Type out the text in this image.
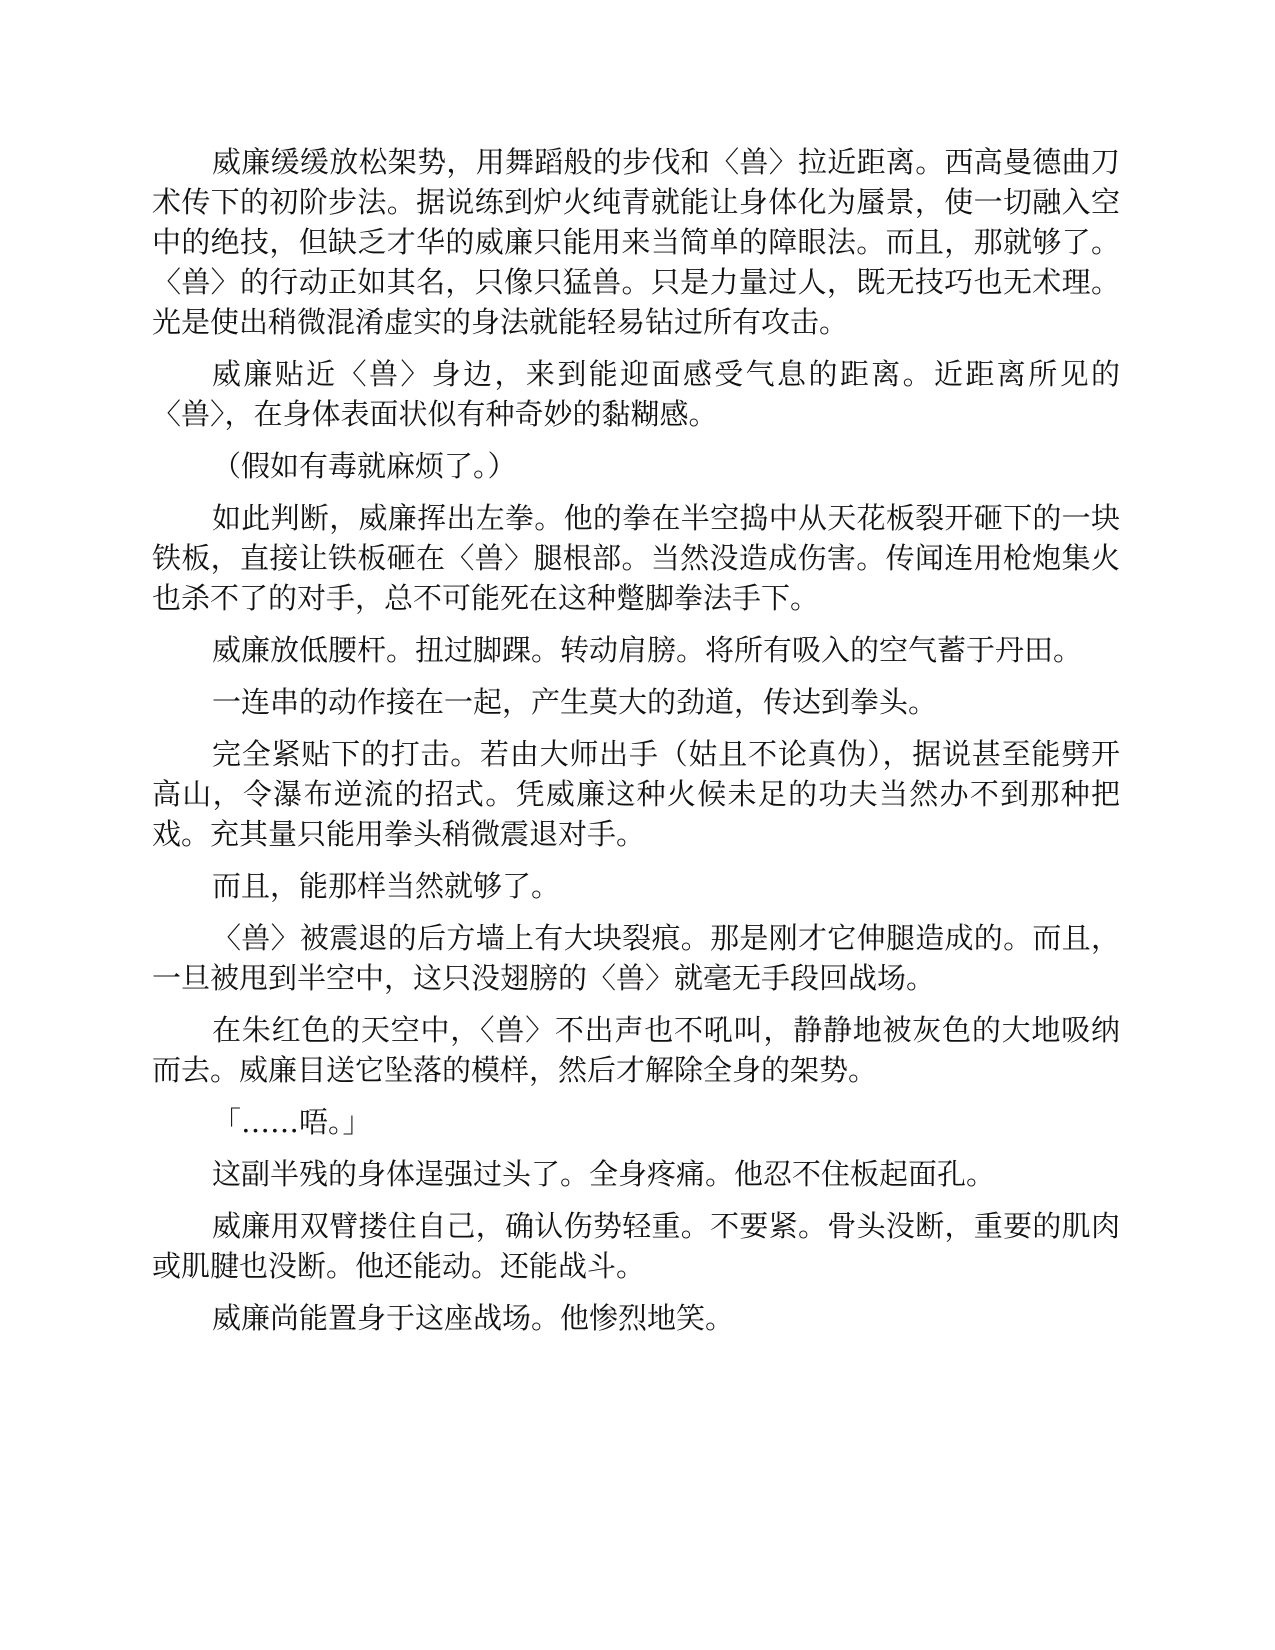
威廉缓缓放松架势，用舞蹈般的步伐和〈兽〉拉近距离。西高曼德曲刀术传下的初阶步法。据说练到炉火纯青就能让身体化为蜃景，使一切融入空中的绝技，但缺乏才华的威廉只能用来当简单的障眼法。而且，那就够了。〈兽〉的行动正如其名，只像只猛兽。只是力量过人，既无技巧也无术理。光是使出稍微混淆虚实的身法就能轻易钻过所有攻击。

威廉贴近〈兽〉身边，来到能迎面感受气息的距离。近距离所见的〈兽〉，在身体表面状似有种奇妙的黏糊感。

（假如有毒就麻烦了。）

如此判断，威廉挥出左拳。他的拳在半空捣中从天花板裂开砸下的一块铁板，直接让铁板砸在〈兽〉腿根部。当然没造成伤害。传闻连用枪炮集火也杀不了的对手，总不可能死在这种蹩脚拳法手下。

威廉放低腰杆。扭过脚踝。转动肩膀。将所有吸入的空气蓄于丹田。

一连串的动作接在一起，产生莫大的劲道，传达到拳头。

完全紧贴下的打击。若由大师出手（姑且不论真伪），据说甚至能劈开高山，令瀑布逆流的招式。凭威廉这种火候未足的功夫当然办不到那种把戏。充其量只能用拳头稍微震退对手。

而且，能那样当然就够了。

〈兽〉被震退的后方墙上有大块裂痕。那是刚才它伸腿造成的。而且，一旦被甩到半空中，这只没翅膀的〈兽〉就毫无手段回战场。

在朱红色的天空中，〈兽〉不出声也不吼叫，静静地被灰色的大地吸纳而去。威廉目送它坠落的模样，然后才解除全身的架势。

「……唔。」

这副半残的身体逞强过头了。全身疼痛。他忍不住板起面孔。

威廉用双臂搂住自己，确认伤势轻重。不要紧。骨头没断，重要的肌肉或肌腱也没断。他还能动。还能战斗。

威廉尚能置身于这座战场。他惨烈地笑。
